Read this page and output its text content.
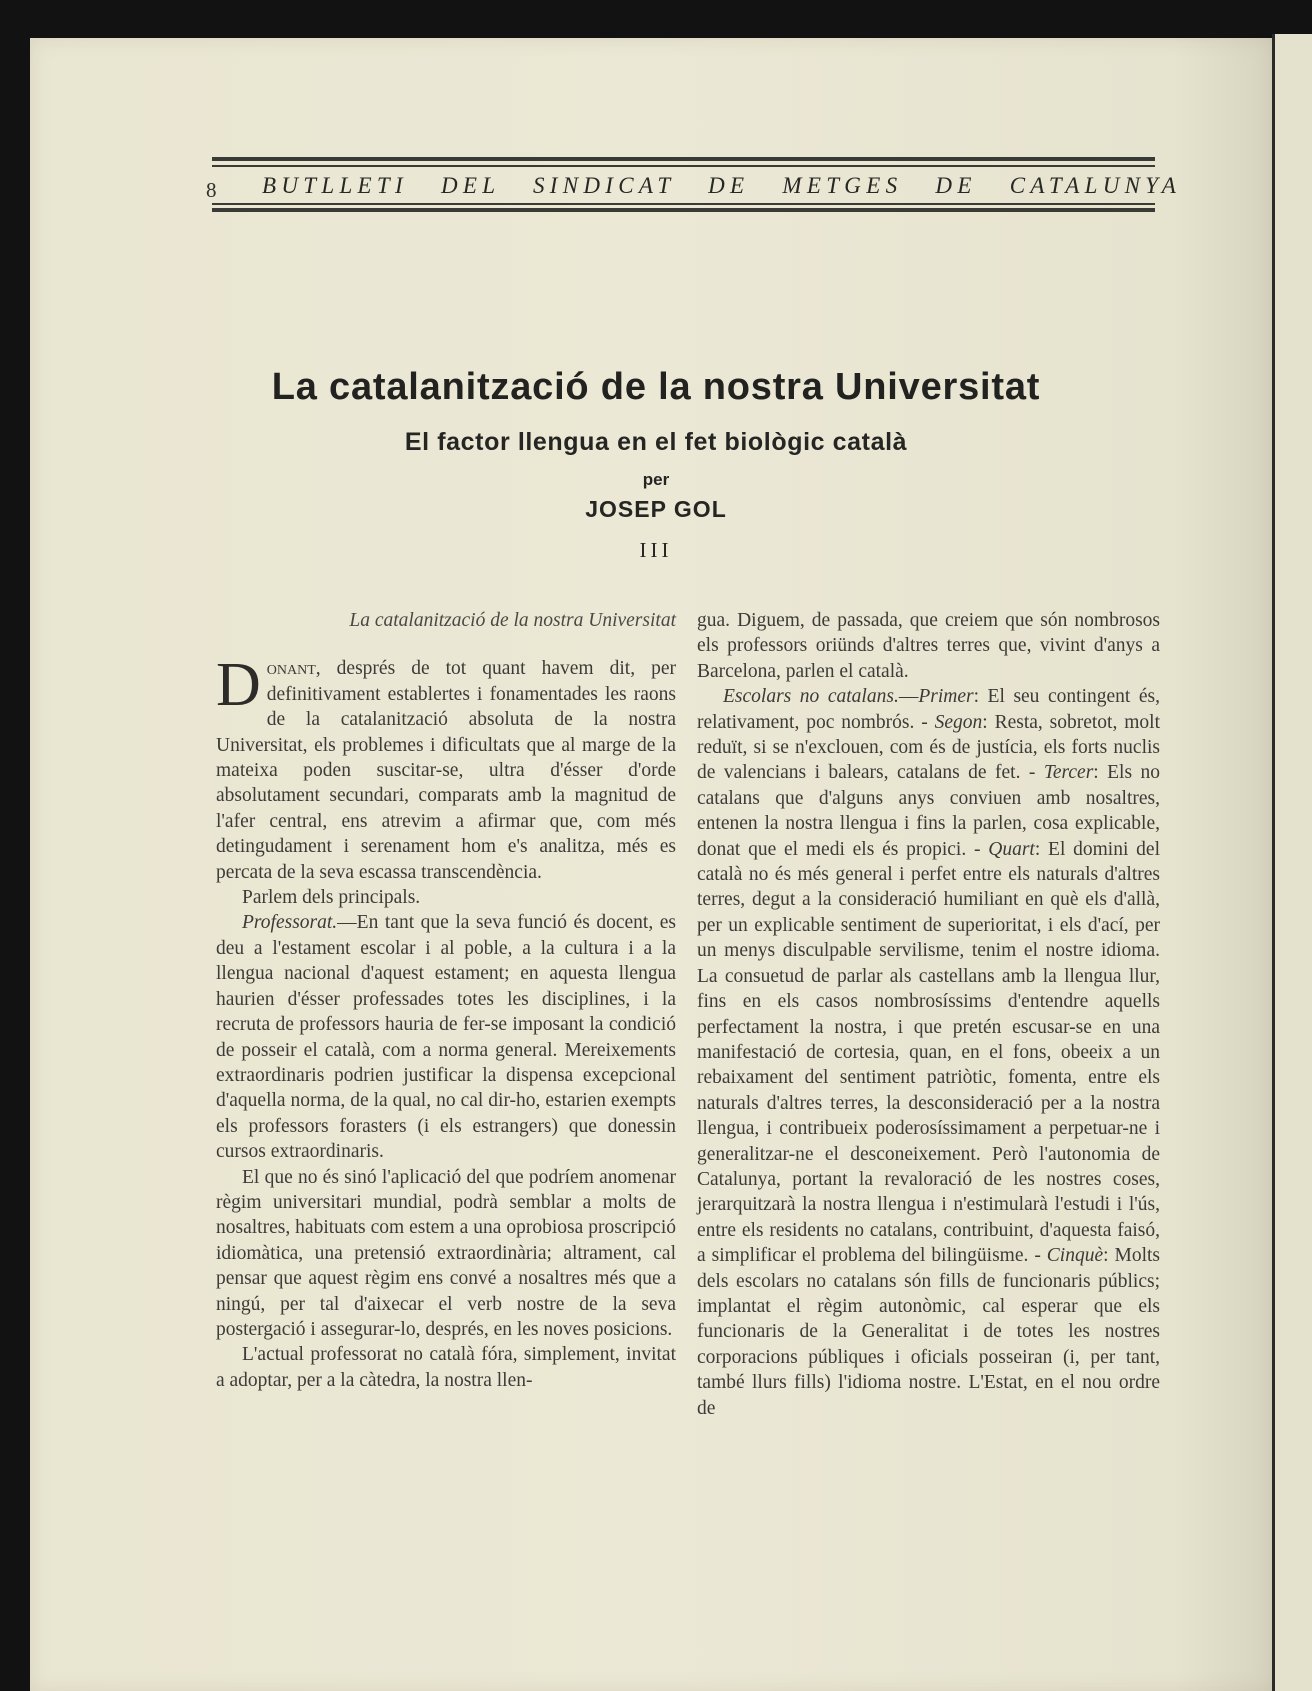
8 BUTLLETI DEL SINDICAT DE METGES DE CATALUNYA
La catalanització de la nostra Universitat
El factor llengua en el fet biològic català
per
JOSEP GOL
III
La catalanització de la nostra Universitat

Donant, després de tot quant havem dit, per definitivament establertes i fonamentades les raons de la catalanització absoluta de la nostra Universitat, els problemes i dificultats que al marge de la mateixa poden suscitar-se, ultra d'ésser d'orde absolutament secundari, comparats amb la magnitud de l'afer central, ens atrevim a afirmar que, com més detingudament i serenament hom e's analitza, més es percata de la seva escassa transcendència.

Parlem dels principals.

Professorat.—En tant que la seva funció és docent, es deu a l'estament escolar i al poble, a la cultura i a la llengua nacional d'aquest estament; en aquesta llengua haurien d'ésser professades totes les disciplines, i la recruta de professors hauria de fer-se imposant la condició de posseir el català, com a norma general. Mereixements extraordinaris podrien justificar la dispensa excepcional d'aquella norma, de la qual, no cal dir-ho, estarien exempts els professors forasters (i els estrangers) que donessin cursos extraordinaris.

El que no és sinó l'aplicació del que podríem anomenar règim universitari mundial, podrà semblar a molts de nosaltres, habituats com estem a una oprobiosa proscripció idiomàtica, una pretensió extraordinària; altrament, cal pensar que aquest règim ens convé a nosaltres més que a ningú, per tal d'aixecar el verb nostre de la seva postergació i assegurar-lo, després, en les noves posicions.

L'actual professorat no català fóra, simplement, invitat a adoptar, per a la càtedra, la nostra llen-

gua. Diguem, de passada, que creiem que són nombrosos els professors oriünds d'altres terres que, vivint d'anys a Barcelona, parlen el català.

Escolars no catalans.—Primer: El seu contingent és, relativament, poc nombrós. - Segon: Resta, sobretot, molt reduït, si se n'exclouen, com és de justícia, els forts nuclis de valencians i balears, catalans de fet. - Tercer: Els no catalans que d'alguns anys conviuen amb nosaltres, entenen la nostra llengua i fins la parlen, cosa explicable, donat que el medi els és propici. - Quart: El domini del català no és més general i perfet entre els naturals d'altres terres, degut a la consideració humiliant en què els d'allà, per un explicable sentiment de superioritat, i els d'ací, per un menys disculpable servilisme, tenim el nostre idioma. La consuetud de parlar als castellans amb la llengua llur, fins en els casos nombrosíssims d'entendre aquells perfectament la nostra, i que pretén escusar-se en una manifestació de cortesia, quan, en el fons, obeeix a un rebaixament del sentiment patriòtic, fomenta, entre els naturals d'altres terres, la desconsideració per a la nostra llengua, i contribueix poderosíssimament a perpetuar-ne i generalitzar-ne el desconeixement. Però l'autonomia de Catalunya, portant la revaloració de les nostres coses, jerarquitzarà la nostra llengua i n'estimularà l'estudi i l'ús, entre els residents no catalans, contribuint, d'aquesta faisó, a simplificar el problema del bilingüisme. - Cinquè: Molts dels escolars no catalans són fills de funcionaris públics; implantat el règim autonòmic, cal esperar que els funcionaris de la Generalitat i de totes les nostres corporacions públiques i oficials posseiran (i, per tant, també llurs fills) l'idioma nostre. L'Estat, en el nou ordre de
